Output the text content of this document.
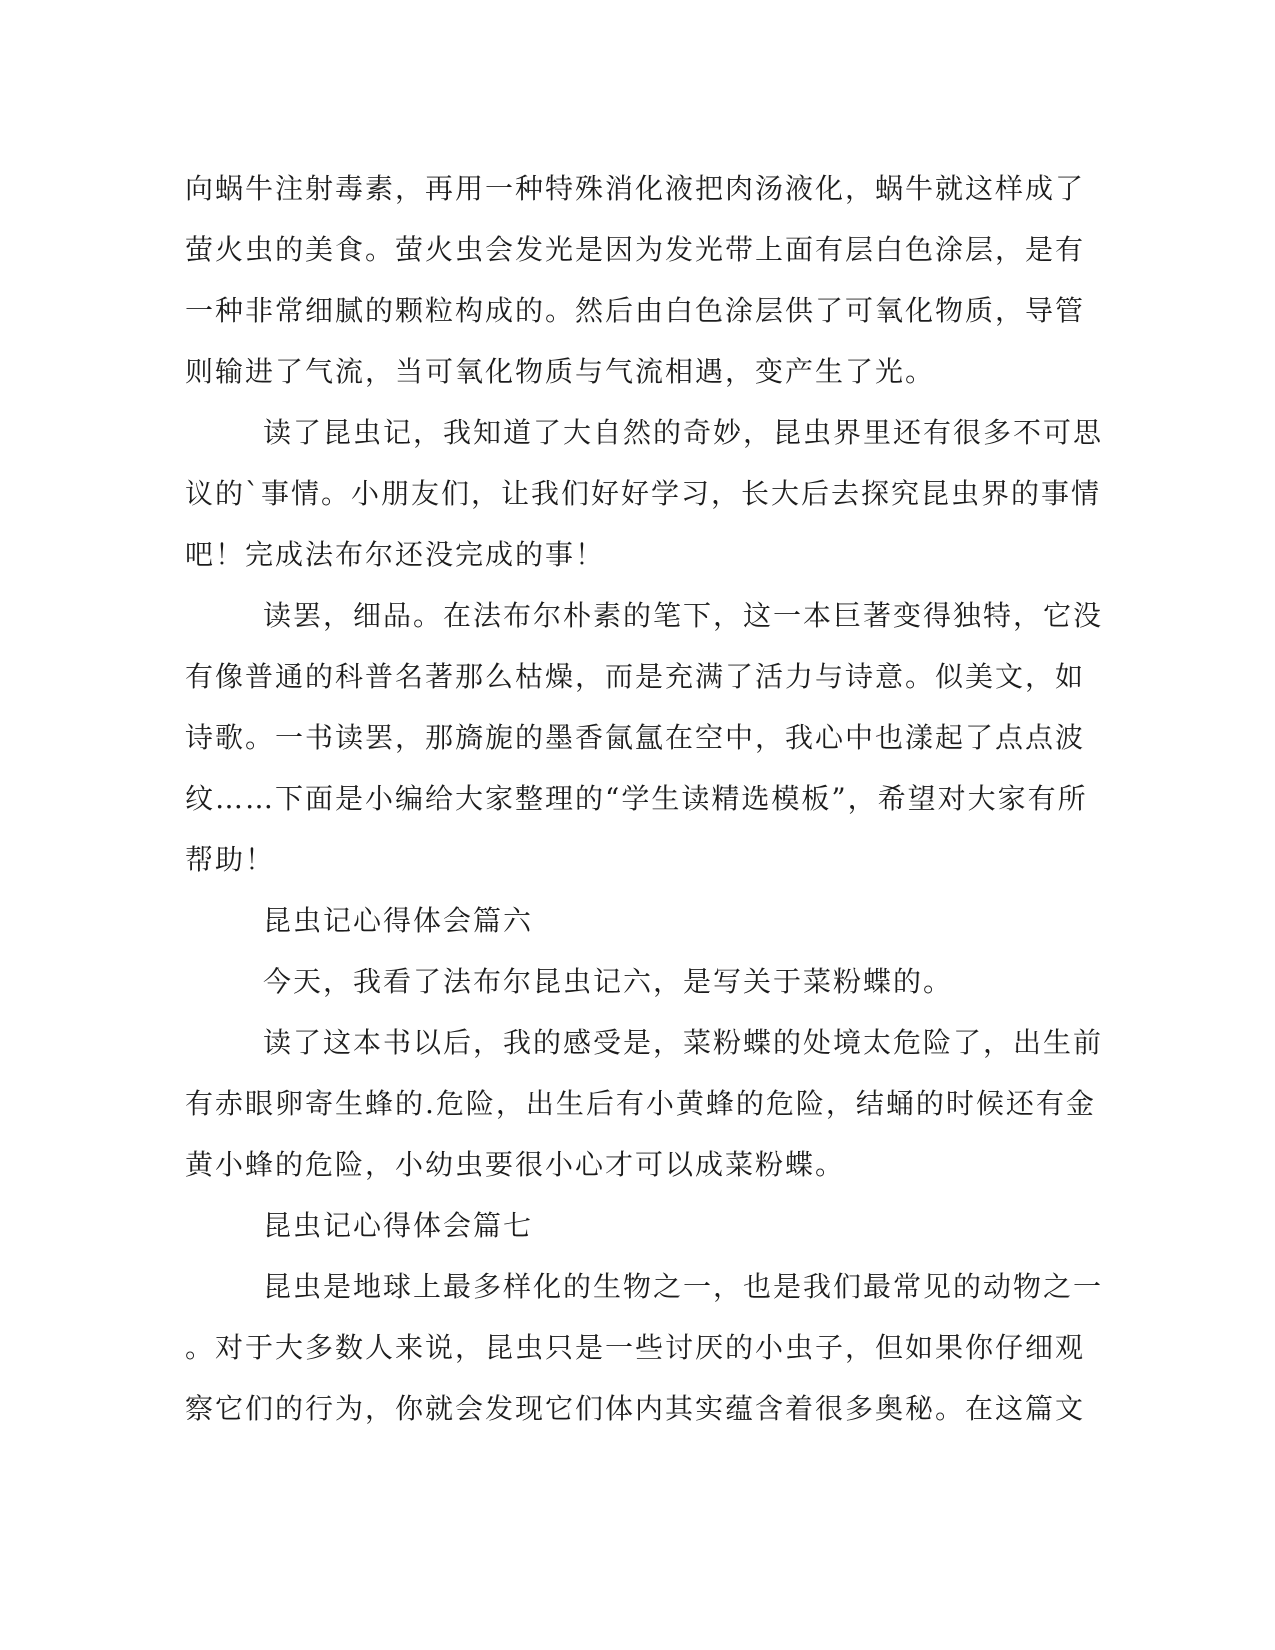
向蜗牛注射毒素，再用一种特殊消化液把肉汤液化，蜗牛就这样成了
萤火虫的美食。萤火虫会发光是因为发光带上面有层白色涂层，是有
一种非常细腻的颗粒构成的。然后由白色涂层供了可氧化物质，导管
则输进了气流，当可氧化物质与气流相遇，变产生了光。
读了昆虫记，我知道了大自然的奇妙，昆虫界里还有很多不可思
议的`事情。小朋友们，让我们好好学习，长大后去探究昆虫界的事情
吧！完成法布尔还没完成的事！
读罢，细品。在法布尔朴素的笔下，这一本巨著变得独特，它没
有像普通的科普名著那么枯燥，而是充满了活力与诗意。似美文，如
诗歌。一书读罢，那旖旎的墨香氤氲在空中，我心中也漾起了点点波
纹……下面是小编给大家整理的“学生读精选模板”，希望对大家有所
帮助！
昆虫记心得体会篇六
今天，我看了法布尔昆虫记六，是写关于菜粉蝶的。
读了这本书以后，我的感受是，菜粉蝶的处境太危险了，出生前
有赤眼卵寄生蜂的.危险，出生后有小黄蜂的危险，结蛹的时候还有金
黄小蜂的危险，小幼虫要很小心才可以成菜粉蝶。
昆虫记心得体会篇七
昆虫是地球上最多样化的生物之一，也是我们最常见的动物之一
。对于大多数人来说，昆虫只是一些讨厌的小虫子，但如果你仔细观
察它们的行为，你就会发现它们体内其实蕴含着很多奥秘。在这篇文
